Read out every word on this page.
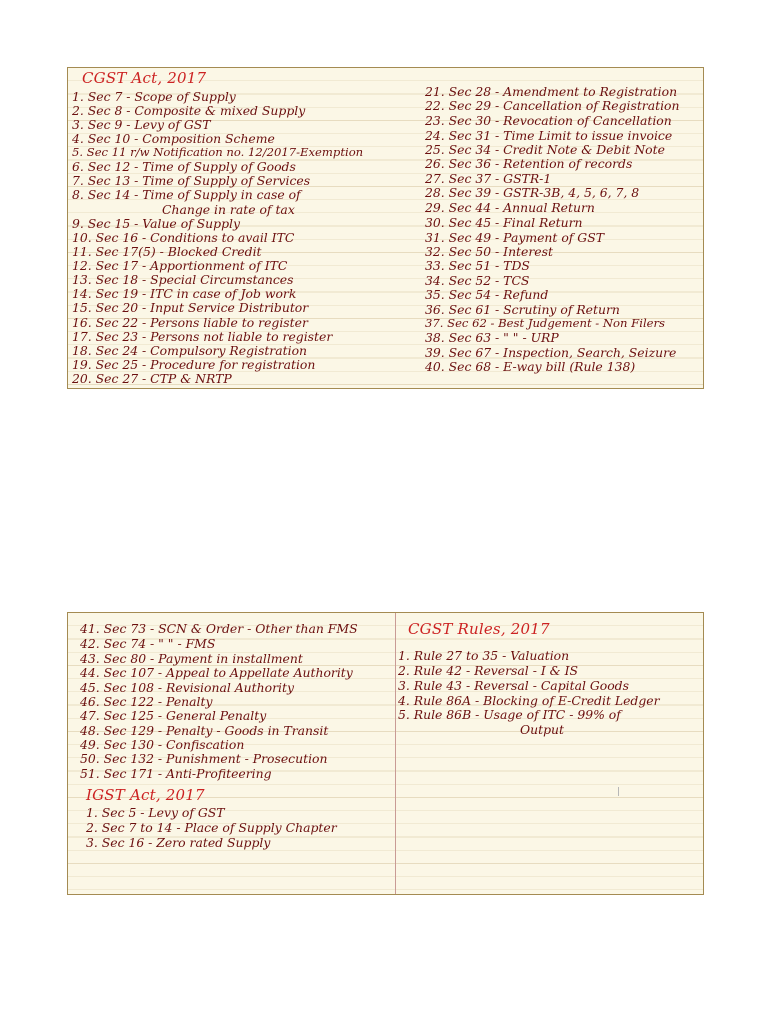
CGST Act, 2017
1. Sec 7 - Scope of Supply
2. Sec 8 - Composite & mixed Supply
3. Sec 9 - Levy of GST
4. Sec 10 - Composition Scheme
5. Sec 11 r/w Notification no. 12/2017-Exemption
6. Sec 12 - Time of Supply of Goods
7. Sec 13 - Time of Supply of Services
8. Sec 14 - Time of Supply in case of
Change in rate of tax
9. Sec 15 - Value of Supply
10. Sec 16 - Conditions to avail ITC
11. Sec 17(5) - Blocked Credit
12. Sec 17 - Apportionment of ITC
13. Sec 18 - Special Circumstances
14. Sec 19 - ITC in case of Job work
15. Sec 20 - Input Service Distributor
16. Sec 22 - Persons liable to register
17. Sec 23 - Persons not liable to register
18. Sec 24 - Compulsory Registration
19. Sec 25 - Procedure for registration
20. Sec 27 - CTP & NRTP
21. Sec 28 - Amendment to Registration
22. Sec 29 - Cancellation of Registration
23. Sec 30 - Revocation of Cancellation
24. Sec 31 - Time Limit to issue invoice
25. Sec 34 - Credit Note & Debit Note
26. Sec 36 - Retention of records
27. Sec 37 - GSTR-1
28. Sec 39 - GSTR-3B, 4, 5, 6, 7, 8
29. Sec 44 - Annual Return
30. Sec 45 - Final Return
31. Sec 49 - Payment of GST
32. Sec 50 - Interest
33. Sec 51 - TDS
34. Sec 52 - TCS
35. Sec 54 - Refund
36. Sec 61 - Scrutiny of Return
37. Sec 62 - Best Judgement - Non Filers
38. Sec 63 - " " - URP
39. Sec 67 - Inspection, Search, Seizure
40. Sec 68 - E-way bill (Rule 138)
41. Sec 73 - SCN & Order - Other than FMS
42. Sec 74 - " " - FMS
43. Sec 80 - Payment in installment
44. Sec 107 - Appeal to Appellate Authority
45. Sec 108 - Revisional Authority
46. Sec 122 - Penalty
47. Sec 125 - General Penalty
48. Sec 129 - Penalty - Goods in Transit
49. Sec 130 - Confiscation
50. Sec 132 - Punishment - Prosecution
51. Sec 171 - Anti-Profiteering
IGST Act, 2017
1. Sec 5 - Levy of GST
2. Sec 7 to 14 - Place of Supply Chapter
3. Sec 16 - Zero rated Supply
CGST Rules, 2017
1. Rule 27 to 35 - Valuation
2. Rule 42 - Reversal - I & IS
3. Rule 43 - Reversal - Capital Goods
4. Rule 86A - Blocking of E-Credit Ledger
5. Rule 86B - Usage of ITC - 99% of
Output
